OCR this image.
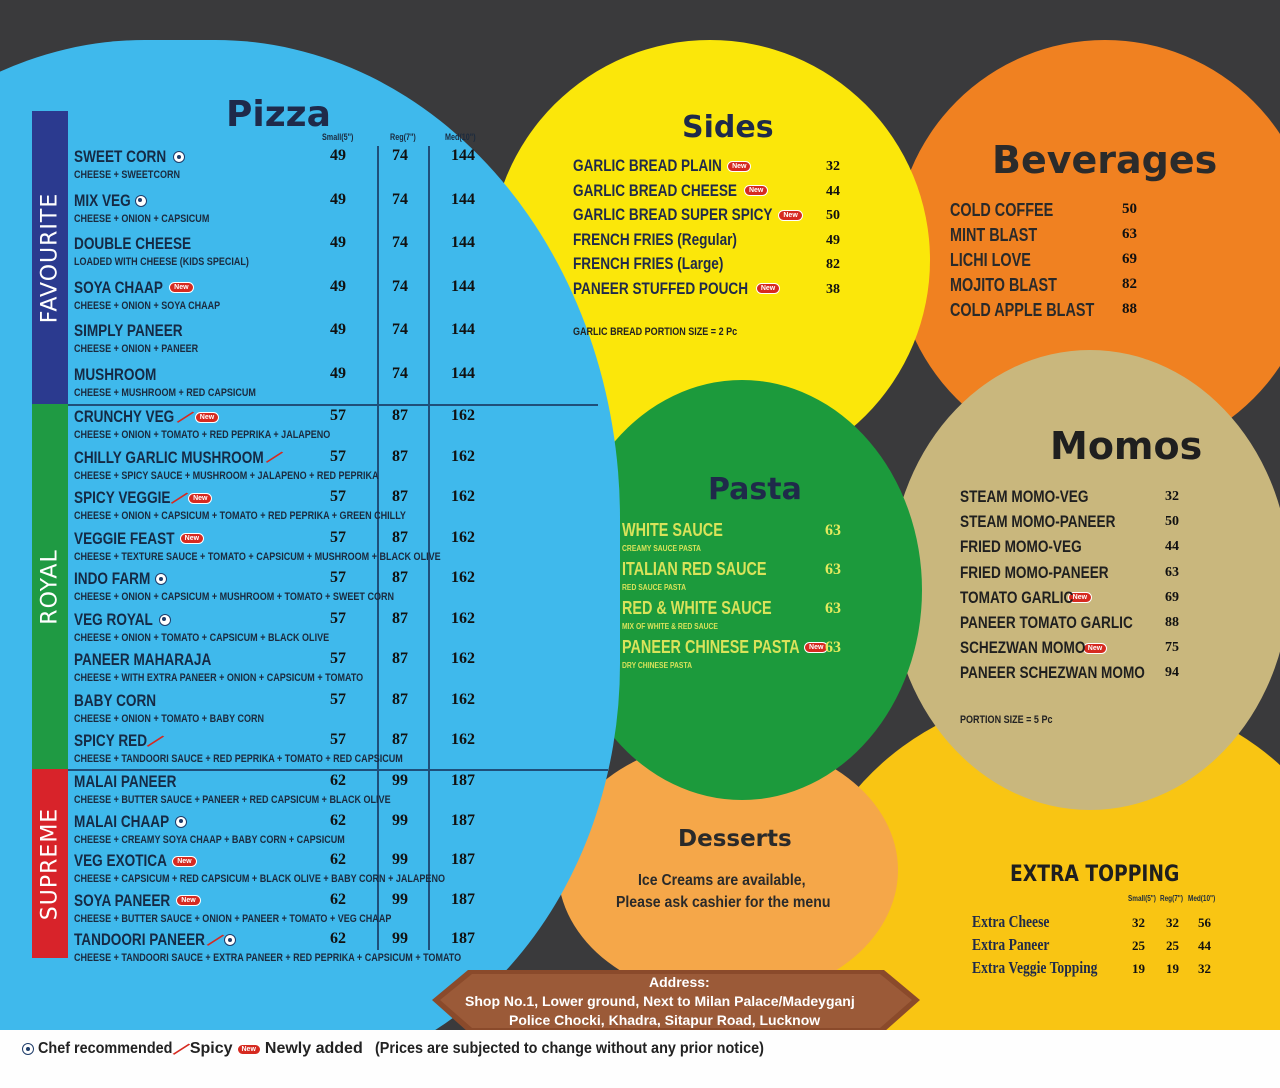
Pizza
Small(5")	Reg(7")	Med(10")
FAVOURITE
ROYAL
SUPREME
SWEET CORN
CHEESE + SWEETCORN
49	74	144
MIX VEG
CHEESE + ONION + CAPSICUM
49	74	144
DOUBLE CHEESE
LOADED WITH CHEESE (KIDS SPECIAL)
49	74	144
SOYA CHAAP	New
CHEESE + ONION + SOYA CHAAP
49	74	144
SIMPLY PANEER
CHEESE + ONION + PANEER
49	74	144
MUSHROOM
CHEESE + MUSHROOM + RED CAPSICUM
49	74	144
CRUNCHY VEG ╱ New
CHEESE + ONION + TOMATO + RED PEPRIKA + JALAPENO
57	87	162
CHILLY GARLIC MUSHROOM ╱
CHEESE + SPICY SAUCE + MUSHROOM + JALAPENO + RED PEPRIKA
57	87	162
SPICY VEGGIE ╱ New
CHEESE + ONION + CAPSICUM + TOMATO + RED PEPRIKA + GREEN CHILLY
57	87	162
VEGGIE FEAST	New
CHEESE + TEXTURE SAUCE + TOMATO + CAPSICUM + MUSHROOM + BLACK OLIVE
57	87	162
INDO FARM
CHEESE + ONION + CAPSICUM + MUSHROOM + TOMATO + SWEET CORN
57	87	162
VEG ROYAL
CHEESE + ONION + TOMATO + CAPSICUM + BLACK OLIVE
57	87	162
PANEER MAHARAJA
CHEESE + WITH EXTRA PANEER + ONION + CAPSICUM + TOMATO
57	87	162
BABY CORN
CHEESE + ONION + TOMATO + BABY CORN
57	87	162
SPICY RED ╱
CHEESE + TANDOORI SAUCE + RED PEPRIKA + TOMATO + RED CAPSICUM
57	87	162
MALAI PANEER
CHEESE + BUTTER SAUCE + PANEER + RED CAPSICUM + BLACK OLIVE
62	99	187
MALAI CHAAP
CHEESE + CREAMY SOYA CHAAP + BABY CORN + CAPSICUM
62	99	187
VEG EXOTICA	New
CHEESE + CAPSICUM + RED CAPSICUM + BLACK OLIVE + BABY CORN + JALAPENO
62	99	187
SOYA PANEER	New
CHEESE + BUTTER SAUCE + ONION + PANEER + TOMATO + VEG CHAAP
62	99	187
TANDOORI PANEER ╱
CHEESE + TANDOORI SAUCE + EXTRA PANEER + RED PEPRIKA + CAPSICUM + TOMATO
62	99	187
Sides
GARLIC BREAD PLAIN	New	32
GARLIC BREAD CHEESE	New	44
GARLIC BREAD SUPER SPICY	New	50
FRENCH FRIES (Regular)	49
FRENCH FRIES (Large)	82
PANEER STUFFED POUCH	New	38
GARLIC BREAD PORTION SIZE = 2 Pc
Beverages
COLD COFFEE	50
MINT BLAST	63
LICHI LOVE	69
MOJITO BLAST	82
COLD APPLE BLAST	88
Pasta
WHITE SAUCE
CREAMY SAUCE PASTA
63
ITALIAN RED SAUCE
RED SAUCE PASTA
63
RED & WHITE SAUCE
MIX OF WHITE & RED SAUCE
63
PANEER CHINESE PASTA	New
DRY CHINESE PASTA
63
Momos
STEAM MOMO-VEG	32
STEAM MOMO-PANEER	50
FRIED MOMO-VEG	44
FRIED MOMO-PANEER	63
TOMATO GARLIC New	69
PANEER TOMATO GARLIC 88
SCHEZWAN MOMO New	75
PANEER SCHEZWAN MOMO 94
PORTION SIZE = 5 Pc
Desserts
Ice Creams are available,
Please ask cashier for the menu
EXTRA TOPPING
Small(5") Reg(7") Med(10")
Extra Cheese	32 32 56
Extra Paneer	25 25 44
Extra Veggie Topping	19 19 32
Address:
Shop No.1, Lower ground, Next to Milan Palace/Madeyganj
Police Chocki, Khadra, Sitapur Road, Lucknow
Chef recommended ╱ Spicy	New Newly added (Prices are subjected to change without any prior notice)
